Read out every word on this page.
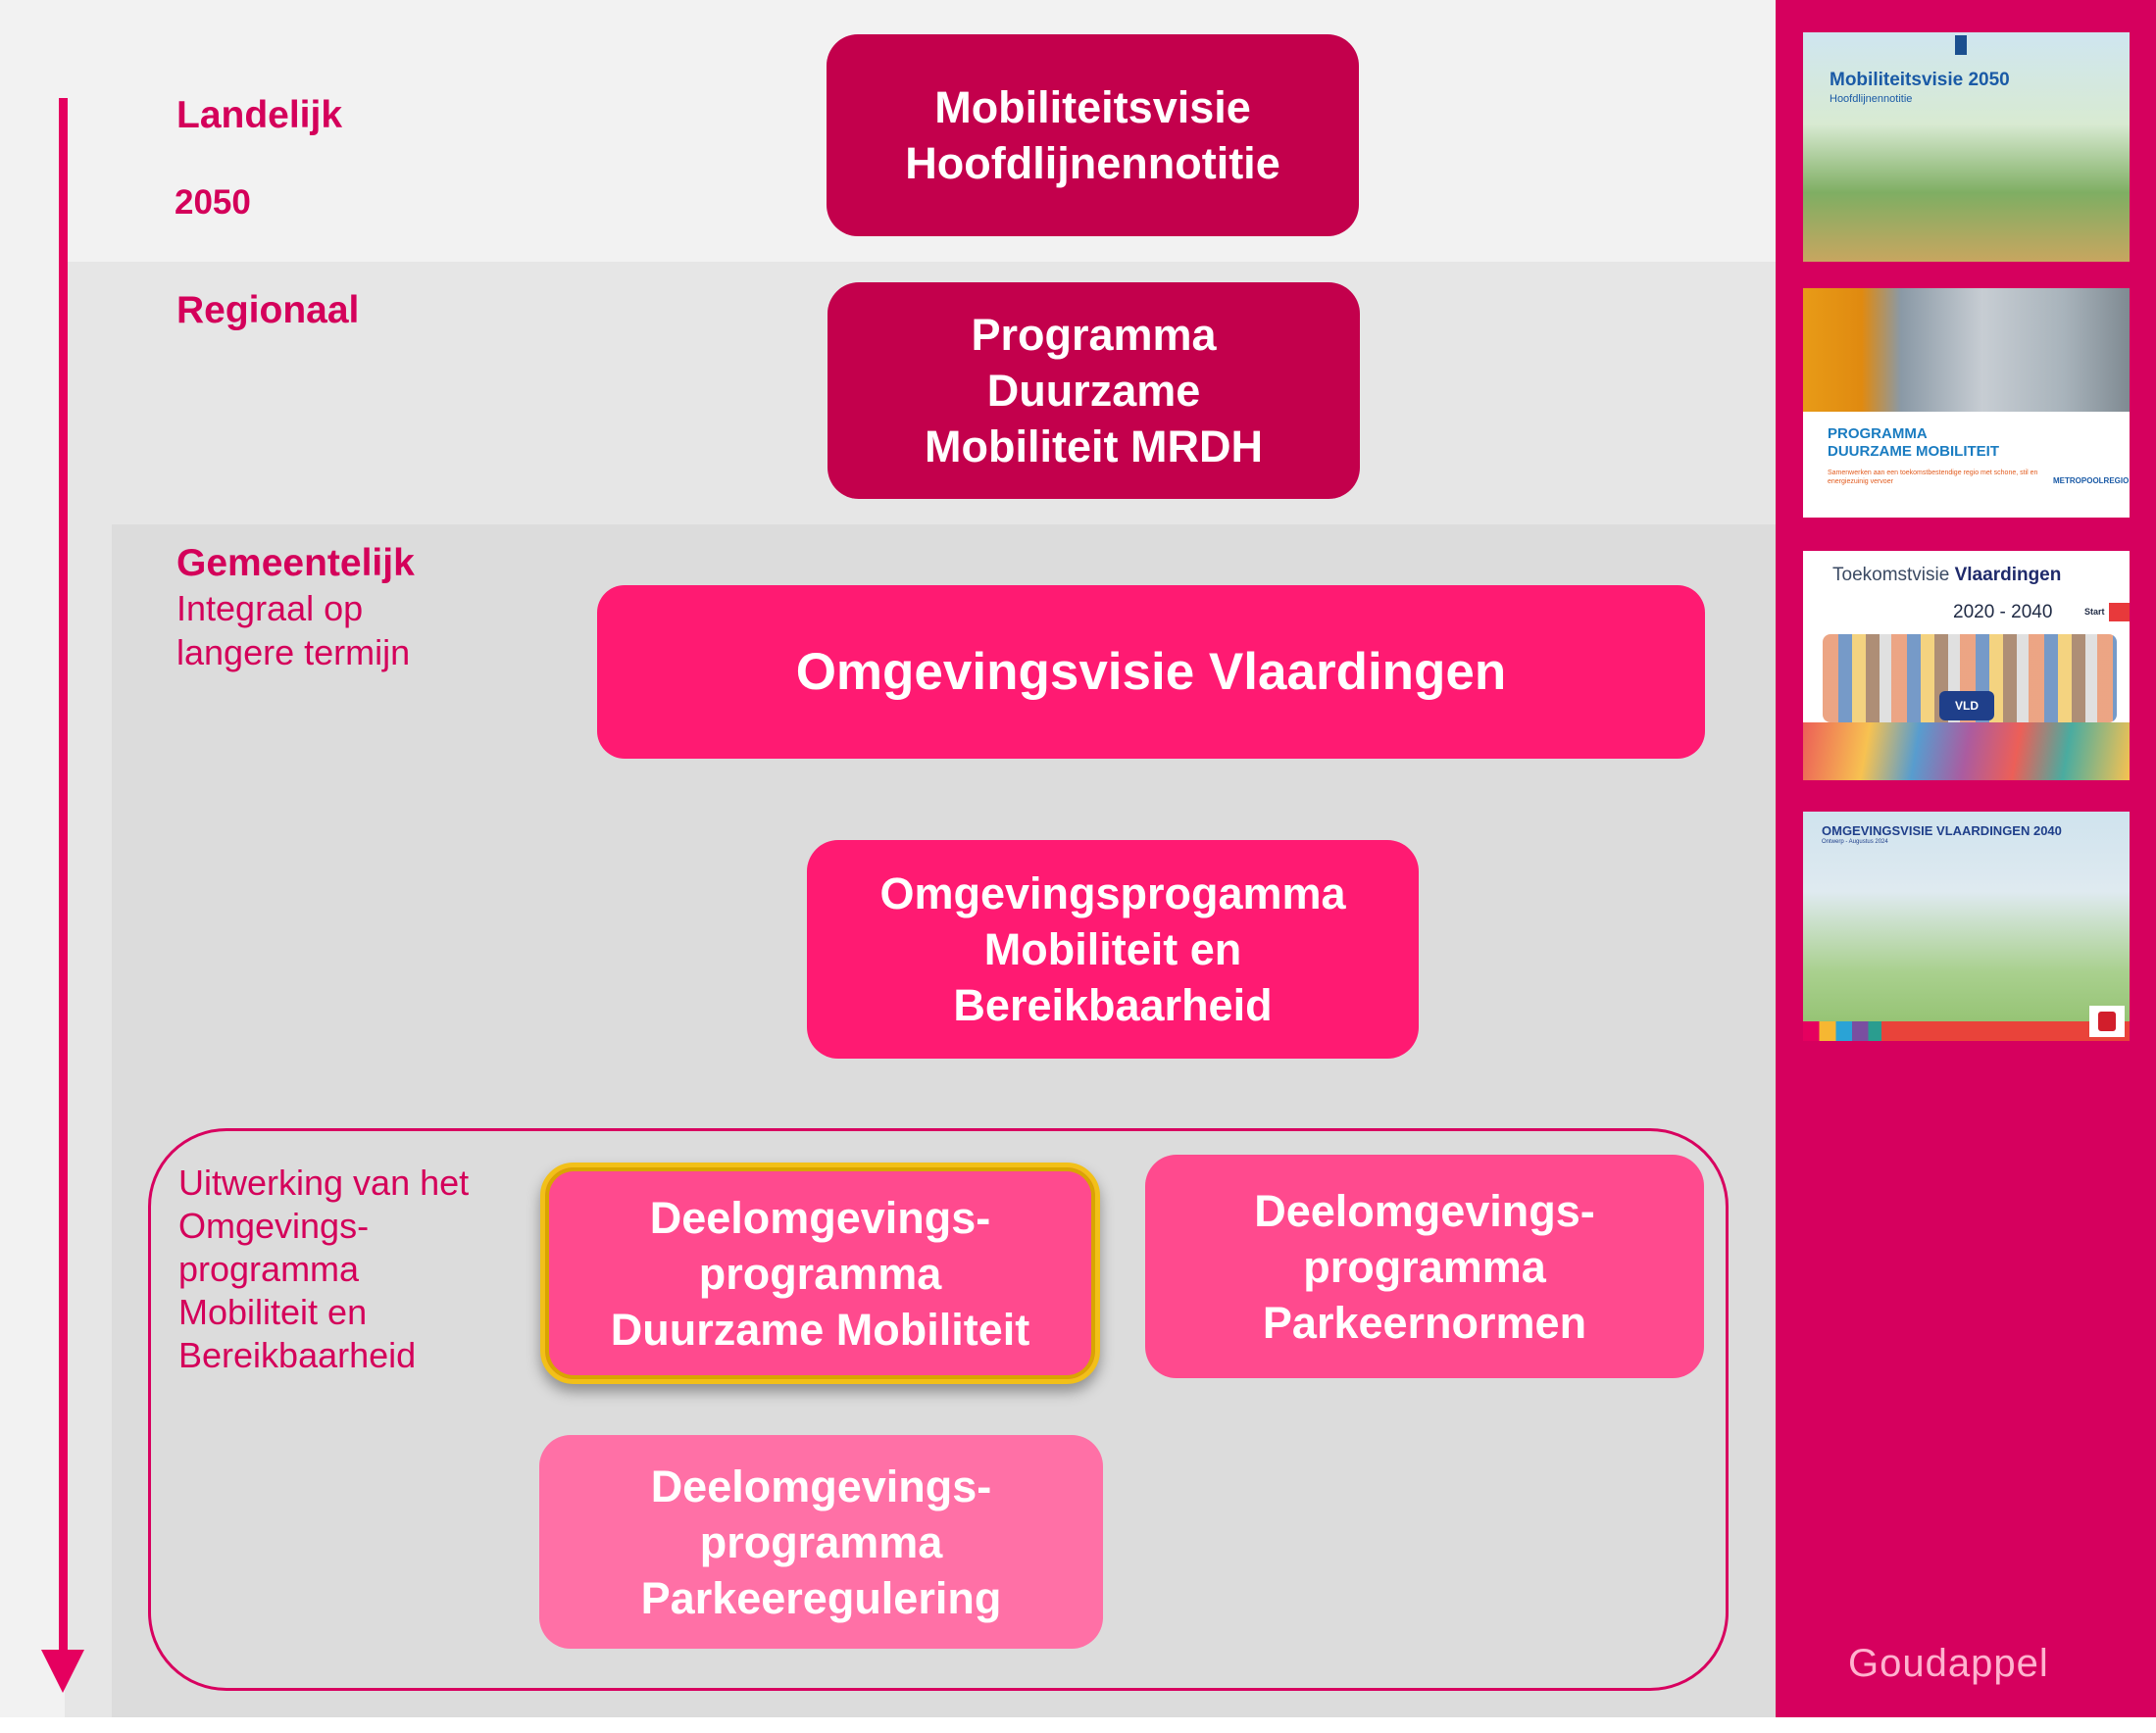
Landelijk
2050
Regionaal
Gemeentelijk
Integraal op langere termijn
Uitwerking van het
Omgevings-
programma
Mobiliteit en
Bereikbaarheid
Mobiliteitsvisie
Hoofdlijnennotitie
Programma
Duurzame
Mobiliteit MRDH
Omgevingsvisie Vlaardingen
Omgevingsprogamma
Mobiliteit en
Bereikbaarheid
Deelomgevings-
programma
Duurzame Mobiliteit
Deelomgevings-
programma
Parkeernormen
Deelomgevings-
programma
Parkeeregulering
Mobiliteitsvisie 2050
Hoofdlijnennotitie
PROGRAMMA
DUURZAME MOBILITEIT
Samenwerken aan een toekomstbestendige regio met schone, stil en energiezuinig vervoer	METROPOOLREGIO
Toekomstvisie Vlaardingen
2020 - 2040	Start
VLD
OMGEVINGSVISIE VLAARDINGEN 2040
Ontwerp - Augustus 2024
Goudappel
